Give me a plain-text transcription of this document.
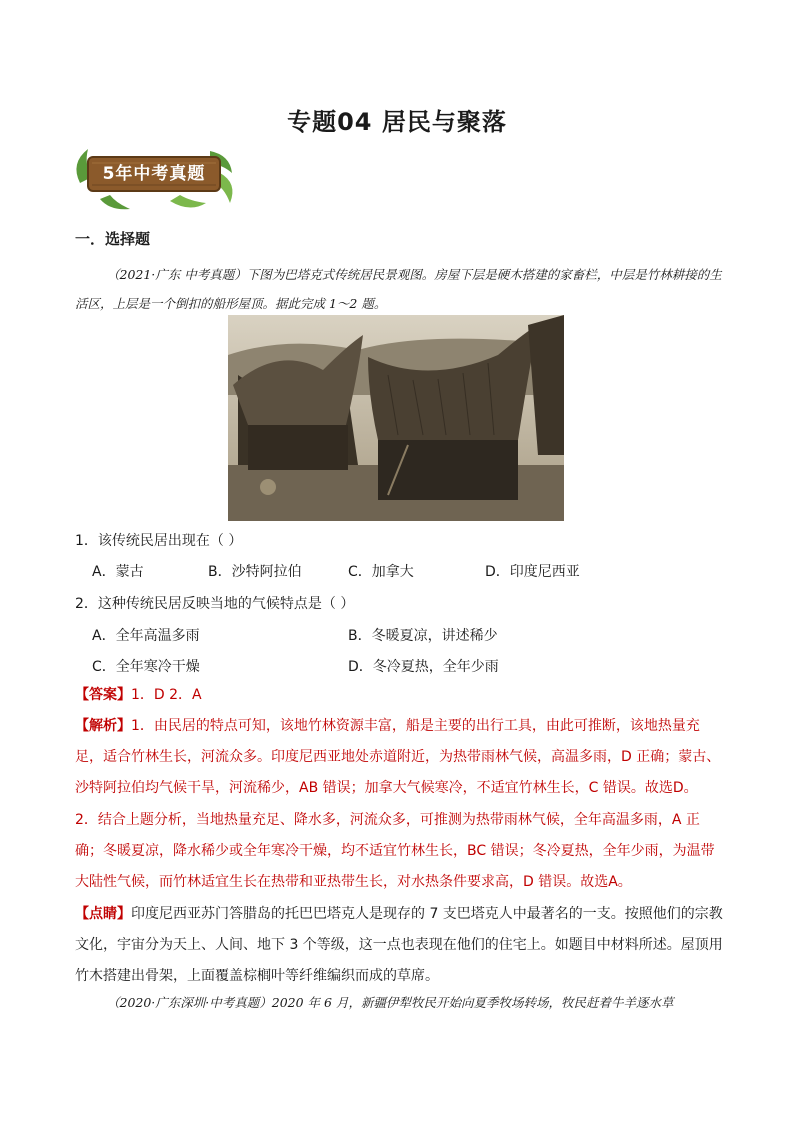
专题04 居民与聚落
5年中考真题
一．选择题
（2021·广东 中考真题）下图为巴塔克式传统居民景观图。房屋下层是硬木搭建的家畜栏，中层是竹林耕接的生活区，上层是一个倒扣的船形屋顶。据此完成 1～2 题。
1．该传统民居出现在（ ）
A．蒙古	B．沙特阿拉伯	C．加拿大	D．印度尼西亚
2．这种传统民居反映当地的气候特点是（ ）
A．全年高温多雨	B．冬暖夏凉，讲述稀少
C．全年寒冷干燥	D．冬冷夏热，全年少雨
【答案】1．D 2．A
【解析】1．由民居的特点可知，该地竹林资源丰富，船是主要的出行工具，由此可推断，该地热量充足，适合竹林生长，河流众多。印度尼西亚地处赤道附近，为热带雨林气候，高温多雨，D 正确；蒙古、沙特阿拉伯均气候干旱，河流稀少，AB 错误；加拿大气候寒冷，不适宜竹林生长，C 错误。故选D。
2．结合上题分析，当地热量充足、降水多，河流众多，可推测为热带雨林气候，全年高温多雨，A 正确；冬暖夏凉，降水稀少或全年寒冷干燥，均不适宜竹林生长，BC 错误；冬冷夏热，全年少雨，为温带大陆性气候，而竹林适宜生长在热带和亚热带生长，对水热条件要求高，D 错误。故选A。
【点睛】印度尼西亚苏门答腊岛的托巴巴塔克人是现存的 7 支巴塔克人中最著名的一支。按照他们的宗教文化，宇宙分为天上、人间、地下 3 个等级，这一点也表现在他们的住宅上。如题目中材料所述。屋顶用竹木搭建出骨架，上面覆盖棕榈叶等纤维编织而成的草席。
（2020·广东深圳·中考真题）2020 年 6 月，新疆伊犁牧民开始向夏季牧场转场，牧民赶着牛羊逐水草
